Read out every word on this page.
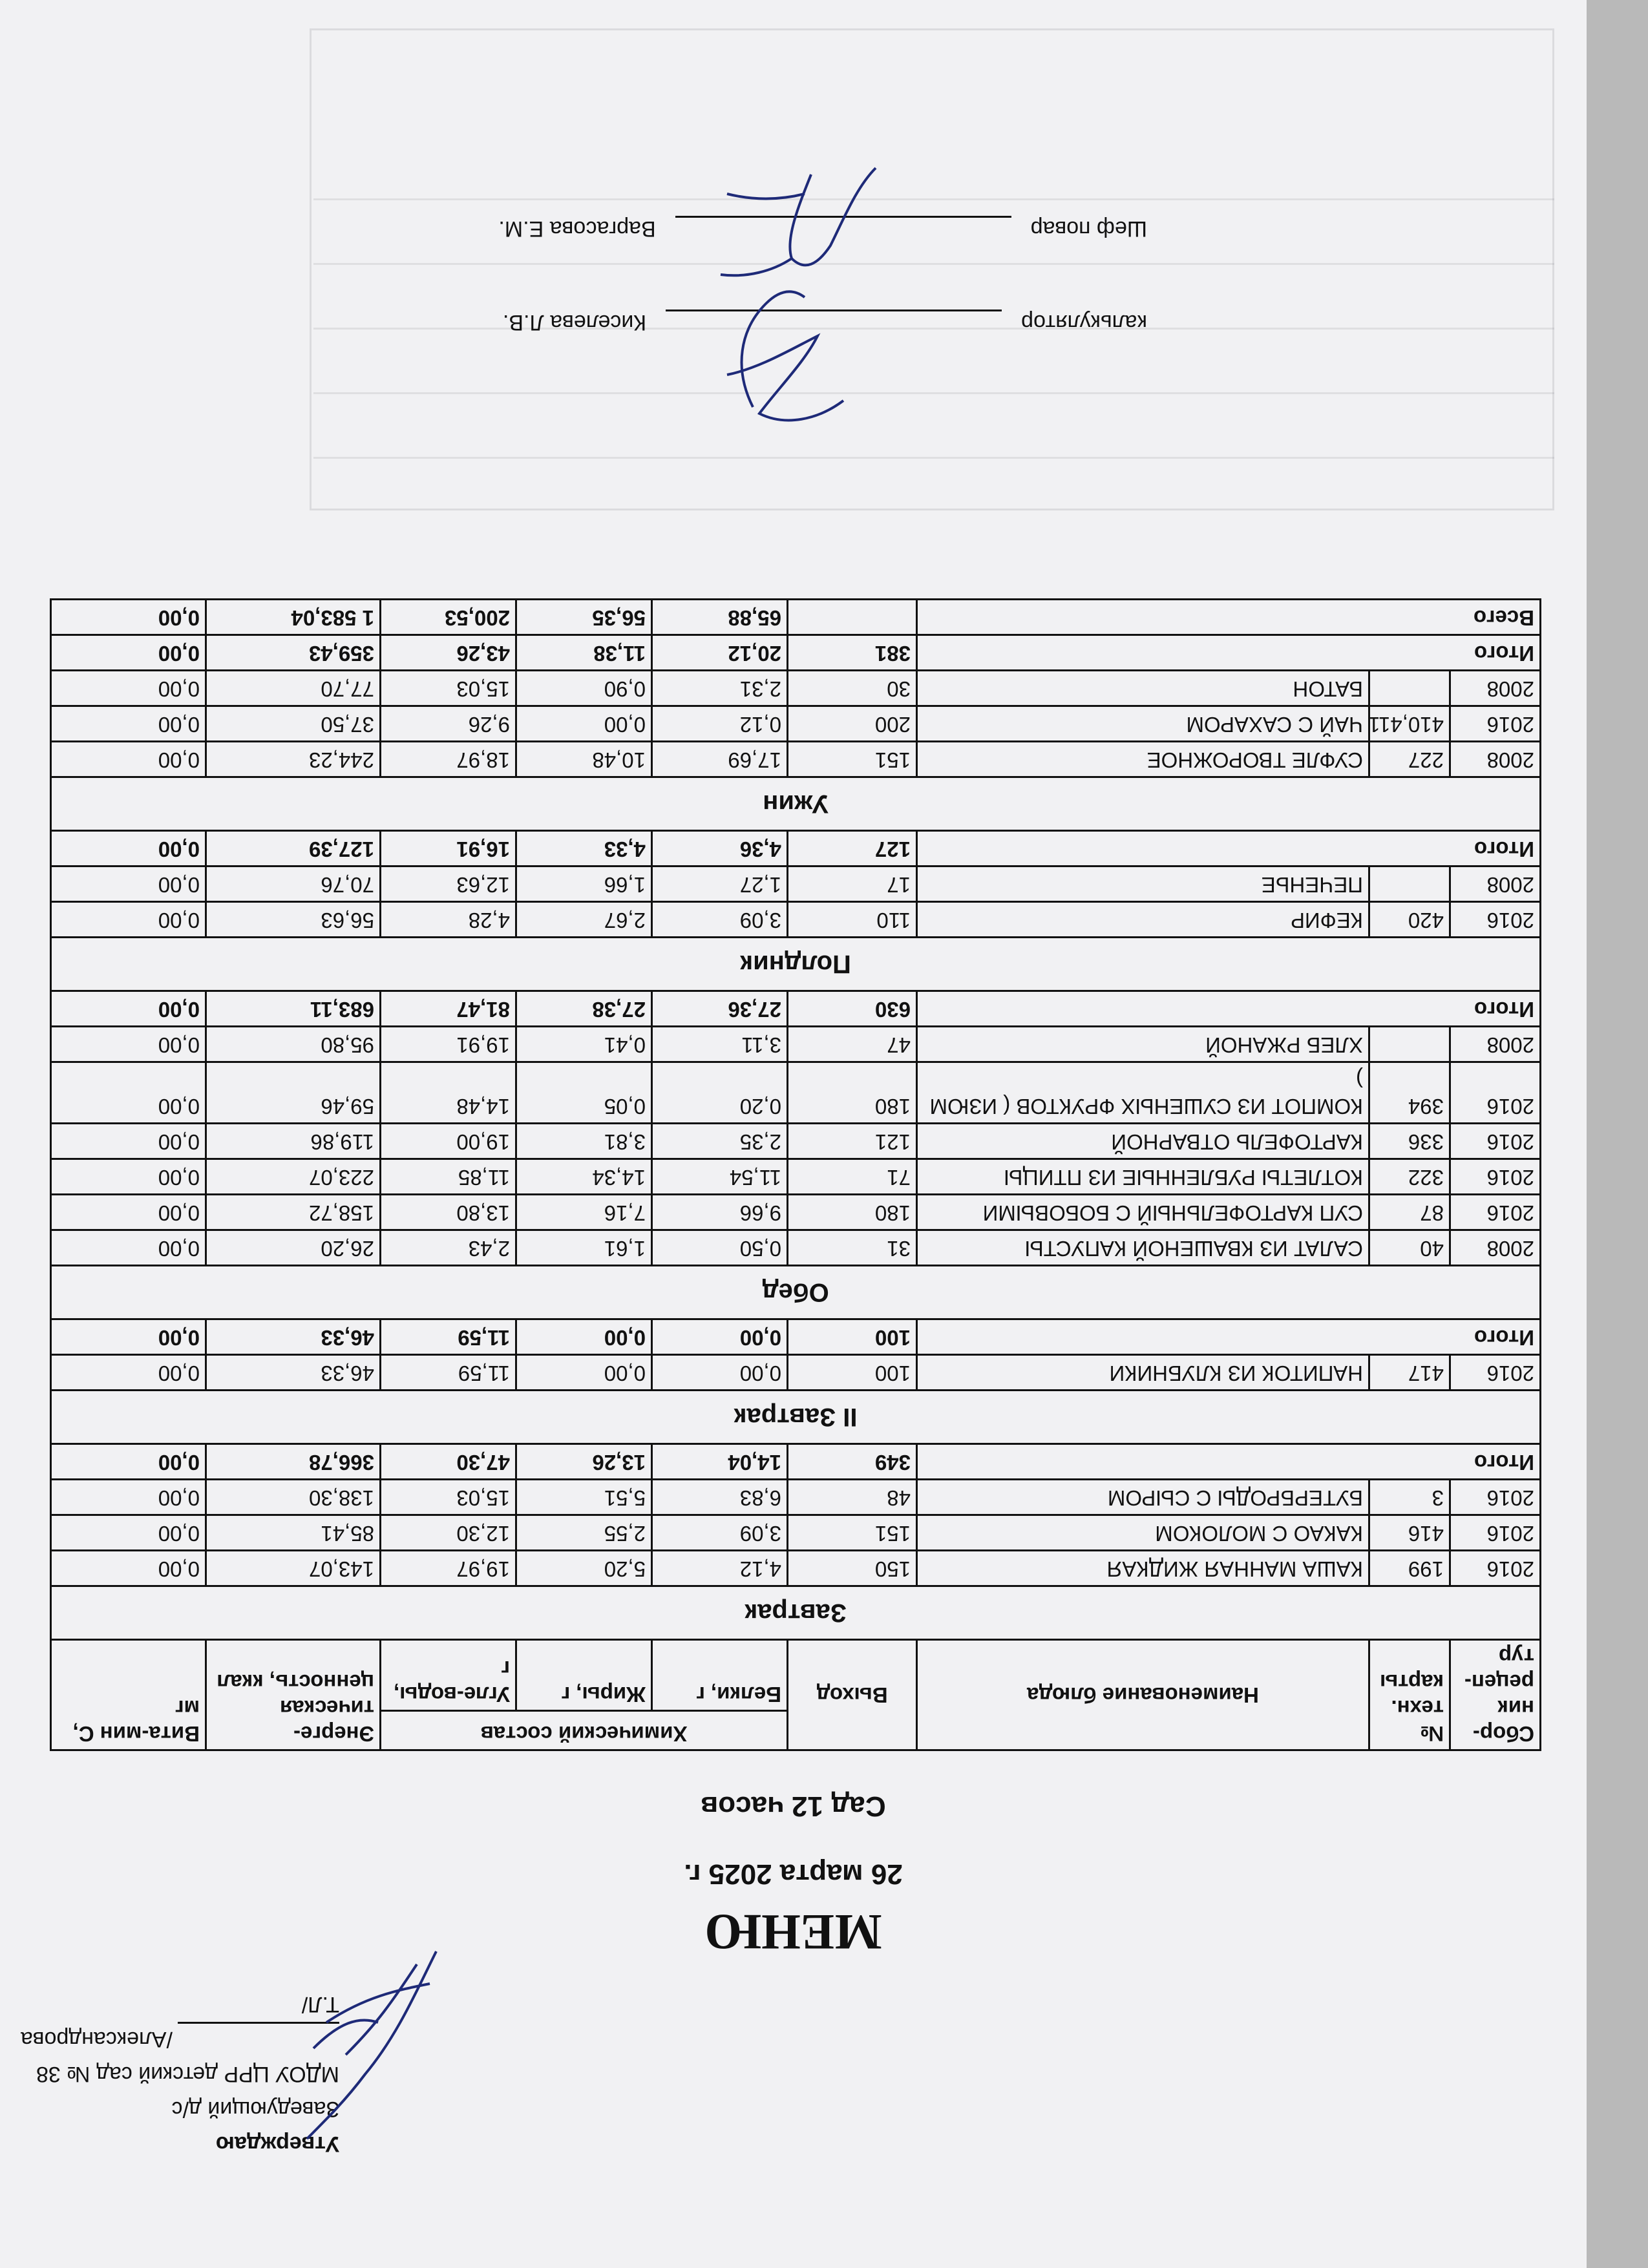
Утверждаю
Заведующий д/с
МДОУ ЦРР детский сад № 38
/Александрова Т.Л/
МЕНЮ
26 марта 2025 г.
Сад 12 часов
Сбор-ник рецеп-тур	№ техн. карты	Наименование блюда	Выход	Химический состав			Энерге-тическая ценность, ккал	Вита-мин С, мг
				Белки, г	Жиры, г	Угле-воды, г		
Завтрак								
2016	199	КАША МАННАЯ ЖИДКАЯ	150	4,12	5,20	19,97	143,07	0,00
2016	416	КАКАО С МОЛОКОМ	151	3,09	2,55	12,30	85,41	0,00
2016	3	БУТЕРБРОДЫ С СЫРОМ	48	6,83	5,51	15,03	138,30	0,00
Итого			349	14,04	13,26	47,30	366,78	0,00
II Завтрак								
2016	417	НАПИТОК ИЗ КЛУБНИКИ	100	0,00	0,00	11,59	46,33	0,00
Итого			100	0,00	0,00	11,59	46,33	0,00
Обед								
2008	40	САЛАТ ИЗ КВАШЕНОЙ КАПУСТЫ	31	0,50	1,61	2,43	26,20	0,00
2016	87	СУП КАРТОФЕЛЬНЫЙ С БОБОВЫМИ	180	9,66	7,16	13,80	158,72	0,00
2016	322	КОТЛЕТЫ РУБЛЕННЫЕ ИЗ ПТИЦЫ	71	11,54	14,34	11,85	223,07	0,00
2016	336	КАРТОФЕЛЬ ОТВАРНОЙ	121	2,35	3,81	19,00	119,86	0,00
2016	394	КОМПОТ ИЗ СУШЕНЫХ ФРУКТОВ ( ИЗЮМ )	180	0,20	0,05	14,48	59,46	0,00
2008		ХЛЕБ РЖАНОЙ	47	3,11	0,41	19,91	95,80	0,00
Итого			630	27,36	27,38	81,47	683,11	0,00
Полдник								
2016	420	КЕФИР	110	3,09	2,67	4,28	56,63	0,00
2008		ПЕЧЕНЬЕ	17	1,27	1,66	12,63	70,76	0,00
Итого			127	4,36	4,33	16,91	127,39	0,00
Ужин								
2008	227	СУФЛЕ ТВОРОЖНОЕ	151	17,69	10,48	18,97	244,23	0,00
2016	410,411	ЧАЙ С САХАРОМ	200	0,12	0,00	9,26	37,50	0,00
2008		БАТОН	30	2,31	0,90	15,03	77,70	0,00
Итого			381	20,12	11,38	43,26	359,43	0,00
Всего				65,88	56,35	200,53	1 583,04	0,00
калькуляторКиселева Л.В.
Шеф поварВаргасова Е.М.
